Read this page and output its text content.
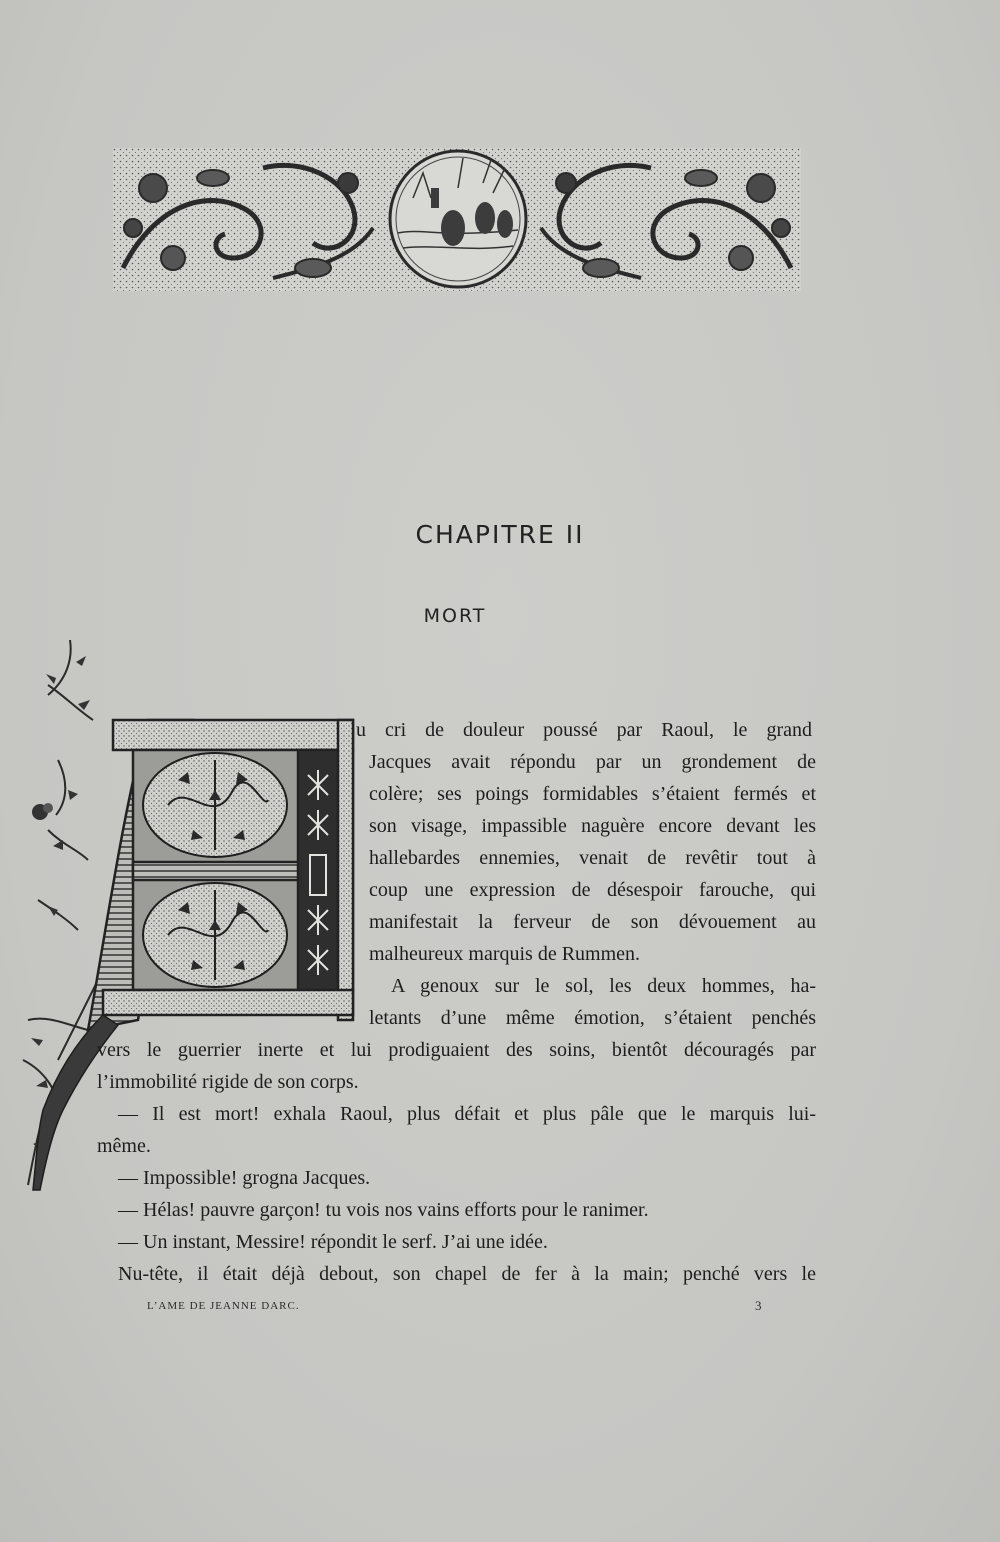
CHAPITRE II
MORT
u cri de douleur poussé par Raoul, le grand
Jacques avait répondu par un grondement de
colère; ses poings formidables s’étaient fermés et
son visage, impassible naguère encore devant les
hallebardes ennemies, venait de revêtir tout à
coup une expression de désespoir farouche, qui
manifestait la ferveur de son dévouement au
malheureux marquis de Rummen.
A genoux sur le sol, les deux hommes, ha-
letants d’une même émotion, s’étaient penchés
vers le guerrier inerte et lui prodiguaient des soins, bientôt découragés par
l’immobilité rigide de son corps.
— Il est mort! exhala Raoul, plus défait et plus pâle que le marquis lui-
même.
— Impossible! grogna Jacques.
— Hélas! pauvre garçon! tu vois nos vains efforts pour le ranimer.
— Un instant, Messire! répondit le serf. J’ai une idée.
Nu-tête, il était déjà debout, son chapel de fer à la main; penché vers le
L’AME DE JEANNE DARC.	3
